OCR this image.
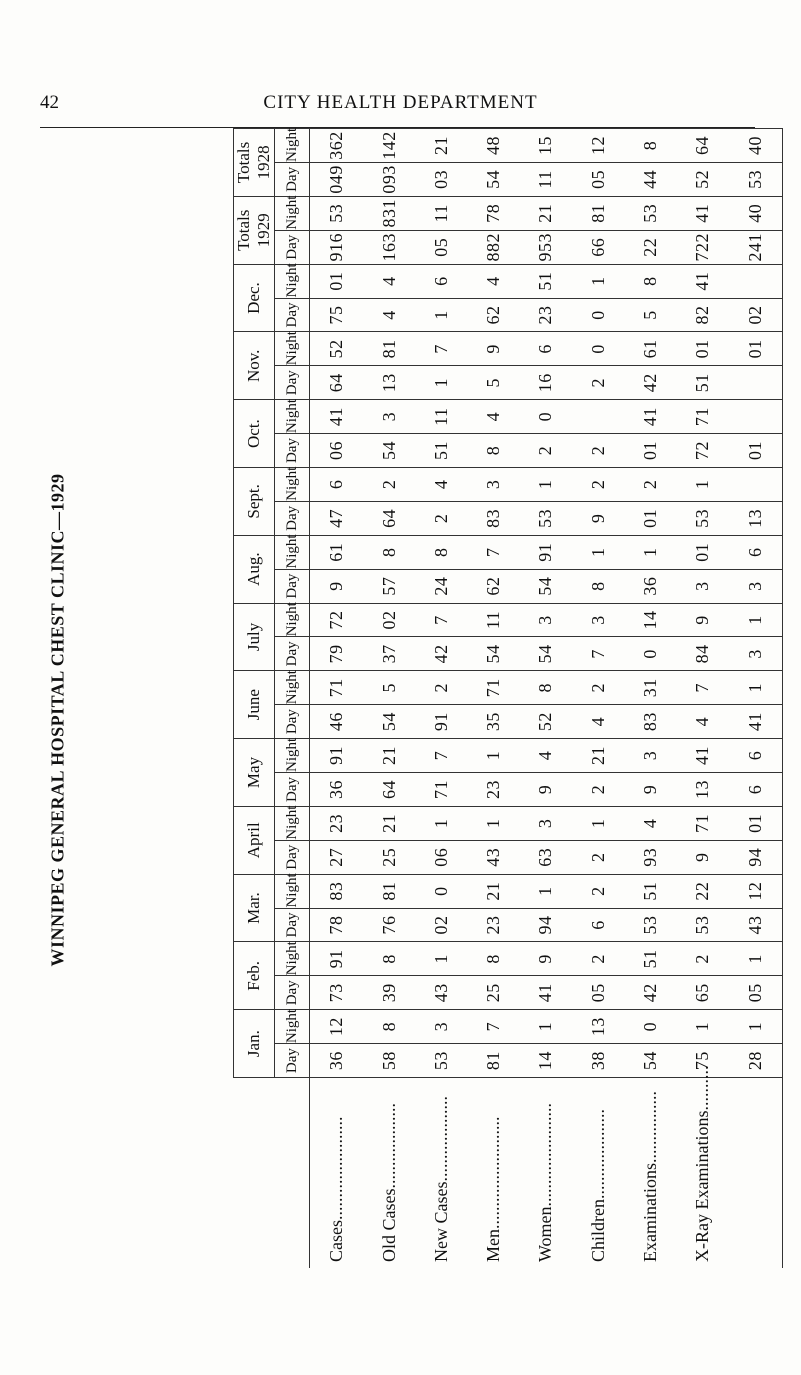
42	CITY HEALTH DEPARTMENT
WINNIPEG GENERAL HOSPITAL CHEST CLINIC—1929
	Jan.		Feb.		Mar.		April		May		June		July		Aug.		Sept.		Oct.		Nov.		Dec.		Totals 1929		Totals 1928	
	Day	Night	Day	Night	Day	Night	Day	Night	Day	Night	Day	Night	Day	Night	Day	Night	Day	Night	Day	Night	Day	Night	Day	Night	Day	Night	Day	Night
Cases.......................	36	12	73	91	78	83	27	23	36	91	46	71	79	72	9	61	47	6	06	41	64	52	75	01	916	53	049	362
Old Cases...................	58	8	39	8	76	81	25	21	64	21	54	5	37	02	57	8	64	2	54	3	13	81	4	4	163	831	093	142
New Cases...................	53	3	43	1	02	0	06	1	71	7	91	2	42	7	24	8	2	4	51	11	1	7	1	6	05	11	03	21
Men.........................	81	7	25	8	23	21	43	1	23	1	35	71	54	11	62	7	83	3	8	4	5	9	62	4	882	78	54	48
Women.......................	14	1	41	9	94	1	63	3	9	4	52	8	54	3	54	91	53	1	2	0	16	6	23	51	953	21	11	15
Children....................	38	13	05	2	6	2	2	1	2	21	4	2	7	3	8	1	9	2	2		2	0	0	1	66	81	05	12
Examinations................	54	0	42	51	53	51	93	4	9	3	83	31	0	14	36	1	01	2	01	41	42	61	5	8	22	53	44	8
X-Ray Examinations..........	75	1	65	2	53	22	9	71	13	41	4	7	84	9	3	01	53	1	72	71	51	01	82	41	722	41	52	64
	28	1	05	1	43	12	94	01	6	6	41	1	3	1	3	6	13		01			01	02		241	40	53	40
